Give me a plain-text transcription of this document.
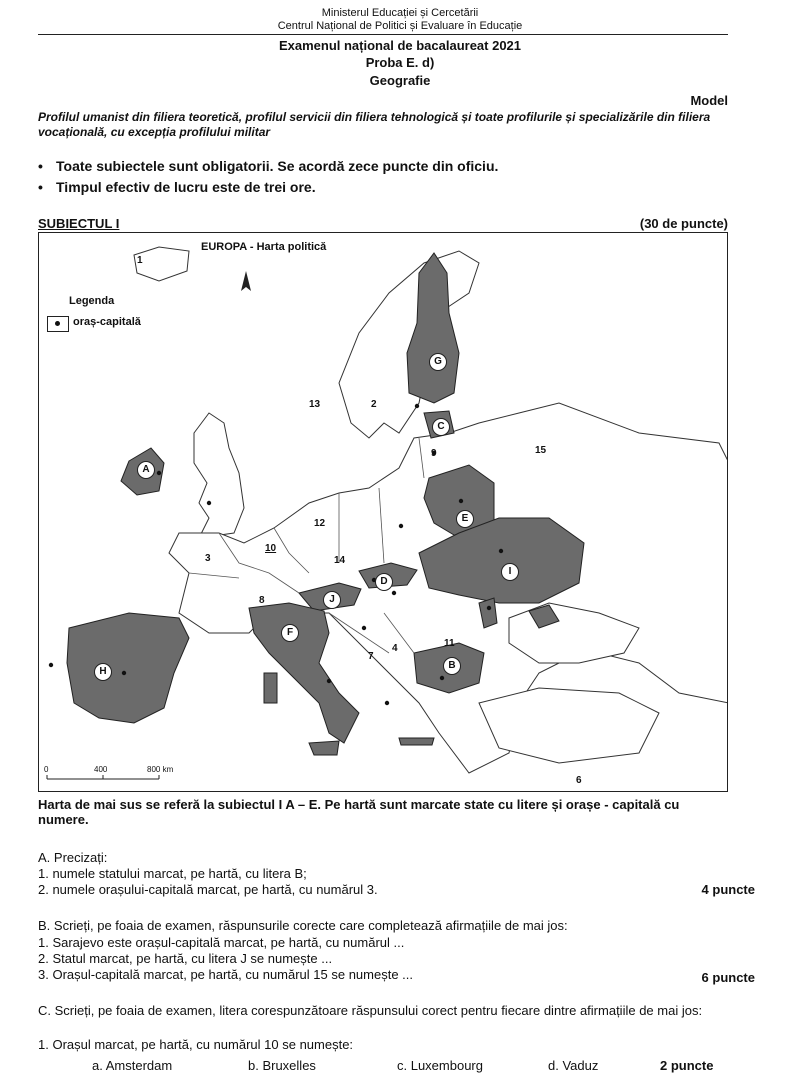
Ministerul Educației și Cercetării
Centrul Național de Politici și Evaluare în Educație
Examenul național de bacalaureat 2021
Proba E. d)
Geografie
Model
Profilul umanist din filiera teoretică, profilul servicii din filiera tehnologică și toate profilurile și specializările din filiera vocațională, cu excepția profilului militar
• Toate subiectele sunt obligatorii. Se acordă zece puncte din oficiu.
• Timpul efectiv de lucru este de trei ore.
SUBIECTUL I	(30 de puncte)
EUROPA - Harta politică
Legenda
oraș-capitală
0	400	800 km
A
B
C
D
E
F
G
H
I
J
1
2
3
4
6
7
8
9
10
11
12
13
14
15
Harta de mai sus se referă la subiectul I A – E. Pe hartă sunt marcate state cu litere și orașe - capitală cu numere.
A. Precizați:
1. numele statului marcat, pe hartă, cu litera B;
2. numele orașului-capitală marcat, pe hartă, cu numărul 3.	4 puncte
B. Scrieți, pe foaia de examen, răspunsurile corecte care completează afirmațiile de mai jos:
1. Sarajevo este orașul-capitală marcat, pe hartă, cu numărul ...
2. Statul marcat, pe hartă, cu litera J se numește ...
3. Orașul-capitală marcat, pe hartă, cu numărul 15 se numește ...	6 puncte
C. Scrieți, pe foaia de examen, litera corespunzătoare răspunsului corect pentru fiecare dintre afirmațiile de mai jos:
1. Orașul marcat, pe hartă, cu numărul 10 se numește:
a. Amsterdam	b. Bruxelles	c. Luxembourg	d. Vaduz	2 puncte
